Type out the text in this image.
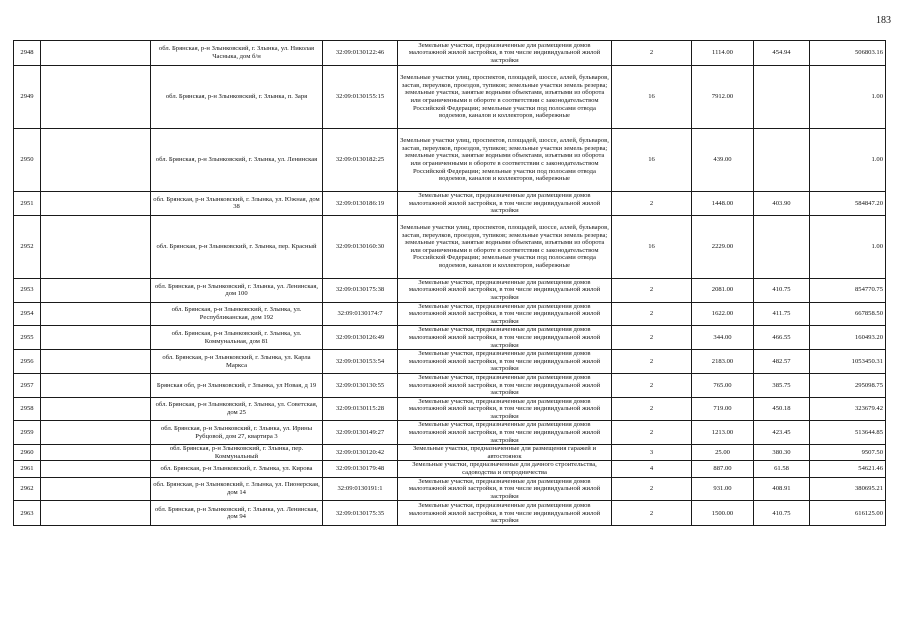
183
2948		обл. Брянская, р-н Злынковский, г. Злынка, ул. Николая Часныка, дом б/н	32:09:0130122:46	Земельные участки, предназначенные для размещения домов малоэтажной жилой застройки, в том числе индивидуальной жилой застройки	2	1114.00	454.94	506803.16
2949		обл. Брянская, р-н Злынковский, г. Злынка, п. Заря	32:09:0130155:15	Земельные участки улиц, проспектов, площадей, шоссе, аллей, бульваров, застав, переулков, проездов, тупиков; земельные участки земель резерва; земельные участки, занятые водными объектами, изъятыми из оборота или ограниченными в обороте в соответствии с законодательством Российской Федерации; земельные участки под полосами отвода водоемов, каналов и коллекторов, набережные	16	7912.00		1.00
2950		обл. Брянская, р-н Злынковский, г. Злынка, ул. Ленинская	32:09:0130182:25	Земельные участки улиц, проспектов, площадей, шоссе, аллей, бульваров, застав, переулков, проездов, тупиков; земельные участки земель резерва; земельные участки, занятые водными объектами, изъятыми из оборота или ограниченными в обороте в соответствии с законодательством Российской Федерации; земельные участки под полосами отвода водоемов, каналов и коллекторов, набережные	16	439.00		1.00
2951		обл. Брянская, р-н Злынковский, г. Злынка, ул. Южная, дом 38	32:09:0130186:19	Земельные участки, предназначенные для размещения домов малоэтажной жилой застройки, в том числе индивидуальной жилой застройки	2	1448.00	403.90	584847.20
2952		обл. Брянская, р-н Злынковский, г. Злынка, пер. Красный	32:09:0130160:30	Земельные участки улиц, проспектов, площадей, шоссе, аллей, бульваров, застав, переулков, проездов, тупиков; земельные участки земель резерва; земельные участки, занятые водными объектами, изъятыми из оборота или ограниченными в обороте в соответствии с законодательством Российской Федерации; земельные участки под полосами отвода водоемов, каналов и коллекторов, набережные	16	2229.00		1.00
2953		обл. Брянская, р-н Злынковский, г. Злынка, ул. Ленинская, дом 100	32:09:0130175:38	Земельные участки, предназначенные для размещения домов малоэтажной жилой застройки, в том числе индивидуальной жилой застройки	2	2081.00	410.75	854770.75
2954		обл. Брянская, р-н Злынковский, г. Злынка, ул. Республиканская, дом 192	32:09:0130174:7	Земельные участки, предназначенные для размещения домов малоэтажной жилой застройки, в том числе индивидуальной жилой застройки	2	1622.00	411.75	667858.50
2955		обл. Брянская, р-н Злынковский, г. Злынка, ул. Коммунальная, дом 81	32:09:0130126:49	Земельные участки, предназначенные для размещения домов малоэтажной жилой застройки, в том числе индивидуальной жилой застройки	2	344.00	466.55	160493.20
2956		обл. Брянская, р-н Злынковский, г. Злынка, ул. Карла Маркса	32:09:0130153:54	Земельные участки, предназначенные для размещения домов малоэтажной жилой застройки, в том числе индивидуальной жилой застройки	2	2183.00	482.57	1053450.31
2957		Брянская обл, р-н Злынковский, г Злынка, ул Новая, д 19	32:09:0130130:55	Земельные участки, предназначенные для размещения домов малоэтажной жилой застройки, в том числе индивидуальной жилой застройки	2	765.00	385.75	295098.75
2958		обл. Брянская, р-н Злынковский, г. Злынка, ул. Советская, дом 25	32:09:0130115:28	Земельные участки, предназначенные для размещения домов малоэтажной жилой застройки, в том числе индивидуальной жилой застройки	2	719.00	450.18	323679.42
2959		обл. Брянская, р-н Злынковский, г. Злынка, ул. Ирины Рубцовой, дом 27, квартира 3	32:09:0130149:27	Земельные участки, предназначенные для размещения домов малоэтажной жилой застройки, в том числе индивидуальной жилой застройки	2	1213.00	423.45	513644.85
2960		обл. Брянская, р-н Злынковский, г. Злынка, пер. Коммунальный	32:09:0130120:42	Земельные участки, предназначенные для размещения гаражей и автостоянок	3	25.00	380.30	9507.50
2961		обл. Брянская, р-н Злынковский, г. Злынка, ул. Кирова	32:09:0130179:48	Земельные участки, предназначенные для дачного строительства, садоводства и огородничества	4	887.00	61.58	54621.46
2962		обл. Брянская, р-н Злынковский, г. Злынка, ул. Пионерская, дом 14	32:09:0130191:1	Земельные участки, предназначенные для размещения домов малоэтажной жилой застройки, в том числе индивидуальной жилой застройки	2	931.00	408.91	380695.21
2963		обл. Брянская, р-н Злынковский, г. Злынка, ул. Ленинская, дом 94	32:09:0130175:35	Земельные участки, предназначенные для размещения домов малоэтажной жилой застройки, в том числе индивидуальной жилой застройки	2	1500.00	410.75	616125.00
